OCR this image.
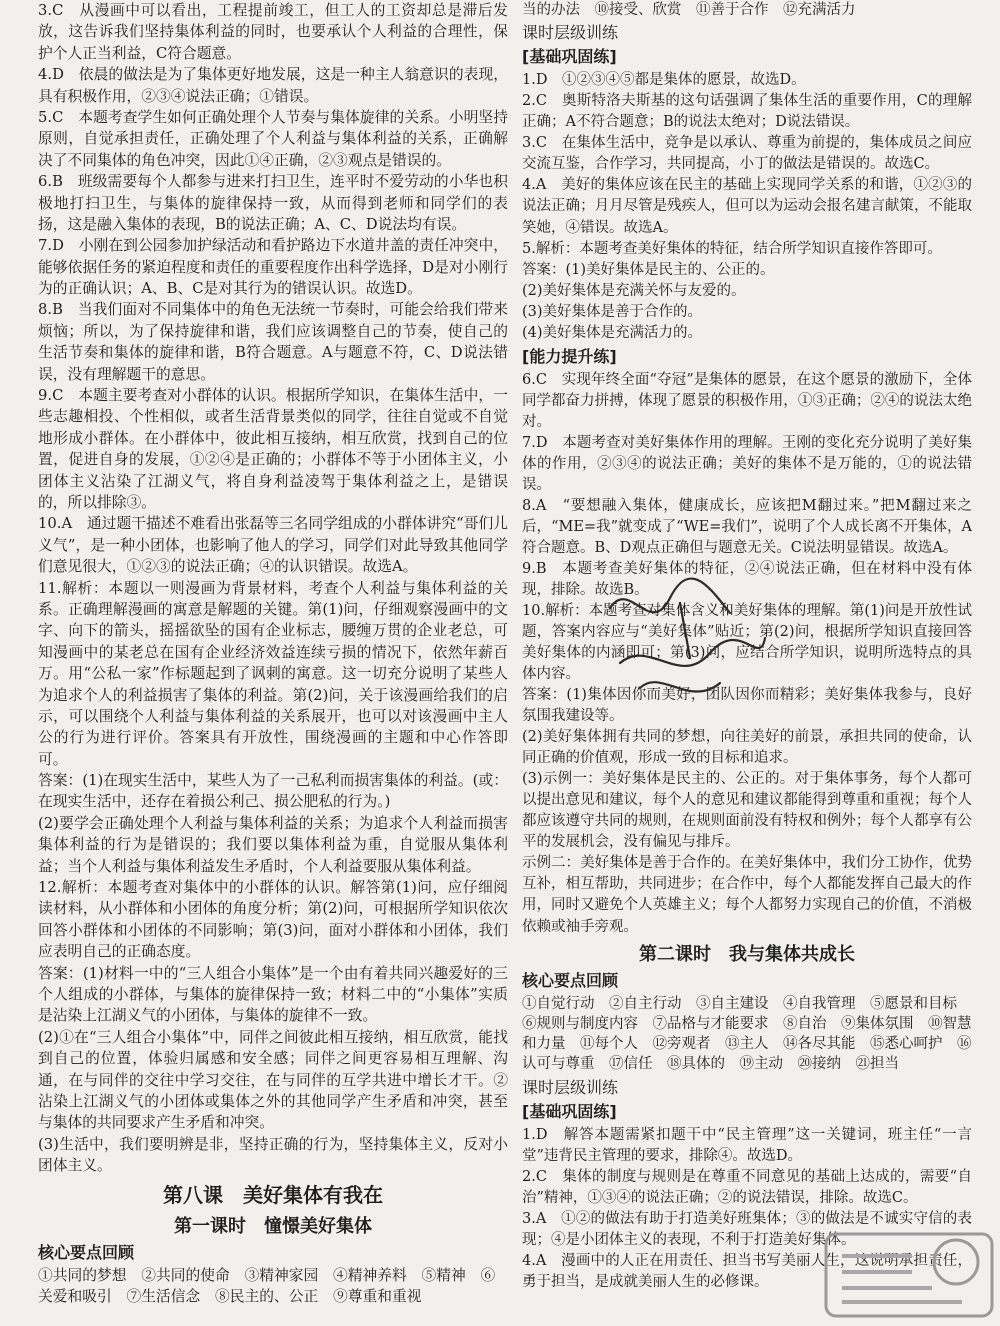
3.C　从漫画中可以看出，工程提前竣工，但工人的工资却总是滞后发放，这告诉我们坚持集体利益的同时，也要承认个人利益的合理性，保护个人正当利益，C符合题意。

4.D　依晨的做法是为了集体更好地发展，这是一种主人翁意识的表现，具有积极作用，②③④说法正确；①错误。

5.C　本题考查学生如何正确处理个人节奏与集体旋律的关系。小明坚持原则，自觉承担责任，正确处理了个人利益与集体利益的关系，正确解决了不同集体的角色冲突，因此①④正确，②③观点是错误的。

6.B　班级需要每个人都参与进来打扫卫生，连平时不爱劳动的小华也积极地打扫卫生，与集体的旋律保持一致，从而得到老师和同学们的表扬，这是融入集体的表现，B的说法正确；A、C、D说法均有误。

7.D　小刚在到公园参加护绿活动和看护路边下水道井盖的责任冲突中，能够依据任务的紧迫程度和责任的重要程度作出科学选择，D是对小刚行为的正确认识；A、B、C是对其行为的错误认识。故选D。

8.B　当我们面对不同集体中的角色无法统一节奏时，可能会给我们带来烦恼；所以，为了保持旋律和谐，我们应该调整自己的节奏，使自己的生活节奏和集体的旋律和谐，B符合题意。A与题意不符，C、D说法错误，没有理解题干的意思。

9.C　本题主要考查对小群体的认识。根据所学知识，在集体生活中，一些志趣相投、个性相似，或者生活背景类似的同学，往往自觉或不自觉地形成小群体。在小群体中，彼此相互接纳，相互欣赏，找到自己的位置，促进自身的发展，①②④是正确的；小群体不等于小团体主义，小团体主义沾染了江湖义气，将自身利益凌驾于集体利益之上，是错误的，所以排除③。

10.A　通过题干描述不难看出张磊等三名同学组成的小群体讲究“哥们儿义气”，是一种小团体，也影响了他人的学习，同学们对此导致其他同学们意见很大，①②③的说法正确；④的认识错误。故选A。

11.解析：本题以一则漫画为背景材料，考查个人利益与集体利益的关系。正确理解漫画的寓意是解题的关键。第(1)问，仔细观察漫画中的文字、向下的箭头，摇摇欲坠的国有企业标志，腰缠万贯的企业老总，可知漫画中的某老总在国有企业经济效益连续亏损的情况下，依然年薪百万。用“公私一家”作标题起到了讽刺的寓意。这一切充分说明了某些人为追求个人的利益损害了集体的利益。第(2)问，关于该漫画给我们的启示，可以围绕个人利益与集体利益的关系展开，也可以对该漫画中主人公的行为进行评价。答案具有开放性，围绕漫画的主题和中心作答即可。

答案：(1)在现实生活中，某些人为了一己私利而损害集体的利益。(或：在现实生活中，还存在着损公利己、损公肥私的行为。)

(2)要学会正确处理个人利益与集体利益的关系；为追求个人利益而损害集体利益的行为是错误的；我们要以集体利益为重，自觉服从集体利益；当个人利益与集体利益发生矛盾时，个人利益要服从集体利益。

12.解析：本题考查对集体中的小群体的认识。解答第(1)问，应仔细阅读材料，从小群体和小团体的角度分析；第(2)问，可根据所学知识依次回答小群体和小团体的不同影响；第(3)问，面对小群体和小团体，我们应表明自己的正确态度。

答案：(1)材料一中的“三人组合小集体”是一个由有着共同兴趣爱好的三个人组成的小群体，与集体的旋律保持一致；材料二中的“小集体”实质是沾染上江湖义气的小团体，与集体的旋律不一致。

(2)①在“三人组合小集体”中，同伴之间彼此相互接纳，相互欣赏，能找到自己的位置，体验归属感和安全感；同伴之间更容易相互理解、沟通，在与同伴的交往中学习交往，在与同伴的互学共进中增长才干。②沾染上江湖义气的小团体或集体之外的其他同学产生矛盾和冲突，甚至与集体的共同要求产生矛盾和冲突。

(3)生活中，我们要明辨是非，坚持正确的行为，坚持集体主义，反对小团体主义。

第八课　美好集体有我在
第一课时　憧憬美好集体
核心要点回顾

①共同的梦想　②共同的使命　③精神家园　④精神养料　⑤精神　⑥关爱和吸引　⑦生活信念　⑧民主的、公正　⑨尊重和重视

当的办法　⑩接受、欣赏　⑪善于合作　⑫充满活力

课时层级训练
[基础巩固练]

1.D　①②③④⑤都是集体的愿景，故选D。

2.C　奥斯特洛夫斯基的这句话强调了集体生活的重要作用，C的理解正确；A不符合题意；B的说法太绝对；D说法错误。

3.C　在集体生活中，竞争是以承认、尊重为前提的，集体成员之间应交流互鉴，合作学习，共同提高，小丁的做法是错误的。故选C。

4.A　美好的集体应该在民主的基础上实现同学关系的和谐，①②③的说法正确；月月尽管是残疾人，但可以为运动会报名建言献策，不能取笑她，④错误。故选A。

5.解析：本题考查美好集体的特征，结合所学知识直接作答即可。

答案：(1)美好集体是民主的、公正的。

(2)美好集体是充满关怀与友爱的。

(3)美好集体是善于合作的。

(4)美好集体是充满活力的。

[能力提升练]

6.C　实现年终全面“夺冠”是集体的愿景，在这个愿景的激励下，全体同学都奋力拼搏，体现了愿景的积极作用，①③正确；②④的说法太绝对。

7.D　本题考查对美好集体作用的理解。王刚的变化充分说明了美好集体的作用，②③④的说法正确；美好的集体不是万能的，①的说法错误。

8.A　“要想融入集体，健康成长，应该把M翻过来。”把M翻过来之后，“ME=我”就变成了“WE=我们”，说明了个人成长离不开集体，A符合题意。B、D观点正确但与题意无关。C说法明显错误。故选A。

9.B　本题考查美好集体的特征，②④说法正确，但在材料中没有体现，排除。故选B。

10.解析：本题考查对集体含义和美好集体的理解。第(1)问是开放性试题，答案内容应与“美好集体”贴近；第(2)问，根据所学知识直接回答美好集体的内涵即可；第(3)问，应结合所学知识，说明所选特点的具体内容。

答案：(1)集体因你而美好，团队因你而精彩；美好集体我参与，良好氛围我建设等。

(2)美好集体拥有共同的梦想，向往美好的前景，承担共同的使命，认同正确的价值观，形成一致的目标和追求。

(3)示例一：美好集体是民主的、公正的。对于集体事务，每个人都可以提出意见和建议，每个人的意见和建议都能得到尊重和重视；每个人都应该遵守共同的规则，在规则面前没有特权和例外；每个人都享有公平的发展机会，没有偏见与排斥。

示例二：美好集体是善于合作的。在美好集体中，我们分工协作，优势互补，相互帮助，共同进步；在合作中，每个人都能发挥自己最大的作用，同时又避免个人英雄主义；每个人都努力实现自己的价值，不消极依赖或袖手旁观。

第二课时　我与集体共成长
核心要点回顾

①自觉行动　②自主行动　③自主建设　④自我管理　⑤愿景和目标　⑥规则与制度内容　⑦品格与才能要求　⑧自治　⑨集体氛围　⑩智慧和力量　⑪每个人　⑫旁观者　⑬主人　⑭各尽其能　⑮悉心呵护　⑯认可与尊重　⑰信任　⑱具体的　⑲主动　⑳接纳　㉑担当

课时层级训练
[基础巩固练]

1.D　解答本题需紧扣题干中“民主管理”这一关键词，班主任“一言堂”违背民主管理的要求，排除④。故选D。

2.C　集体的制度与规则是在尊重不同意见的基础上达成的，需要“自治”精神，①③④的说法正确；②的说法错误，排除。故选C。

3.A　①②的做法有助于打造美好班集体；③的做法是不诚实守信的表现；④是小团体主义的表现，不利于打造美好集体。

4.A　漫画中的人正在用责任、担当书写美丽人生，这说明承担责任，勇于担当，是成就美丽人生的必修课。
